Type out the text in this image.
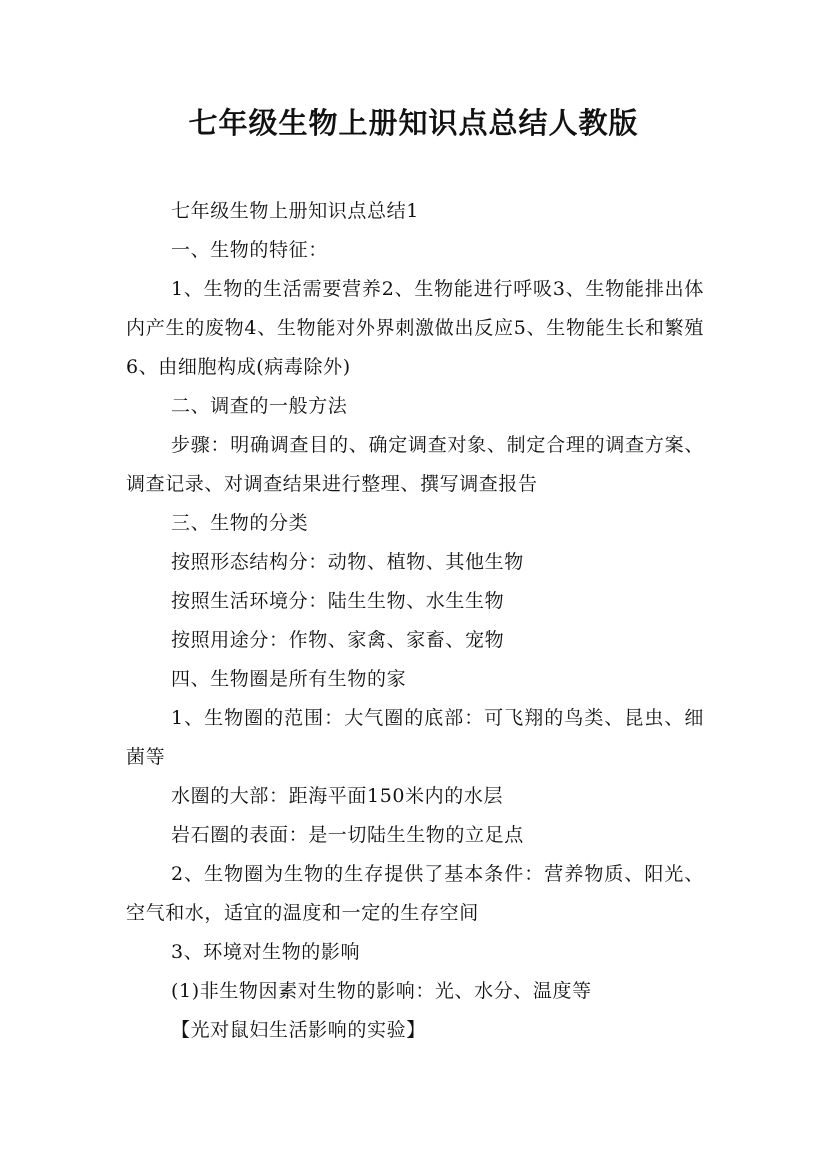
七年级生物上册知识点总结人教版

七年级生物上册知识点总结1

一、生物的特征：

1、生物的生活需要营养2、生物能进行呼吸3、生物能排出体内产生的废物4、生物能对外界刺激做出反应5、生物能生长和繁殖6、由细胞构成(病毒除外)

二、调查的一般方法

步骤：明确调查目的、确定调查对象、制定合理的调查方案、调查记录、对调查结果进行整理、撰写调查报告

三、生物的分类

按照形态结构分：动物、植物、其他生物

按照生活环境分：陆生生物、水生生物

按照用途分：作物、家禽、家畜、宠物

四、生物圈是所有生物的家

1、生物圈的范围：大气圈的底部：可飞翔的鸟类、昆虫、细菌等

水圈的大部：距海平面150米内的水层

岩石圈的表面：是一切陆生生物的立足点

2、生物圈为生物的生存提供了基本条件：营养物质、阳光、空气和水，适宜的温度和一定的生存空间

3、环境对生物的影响

(1)非生物因素对生物的影响：光、水分、温度等

【光对鼠妇生活影响的实验】
